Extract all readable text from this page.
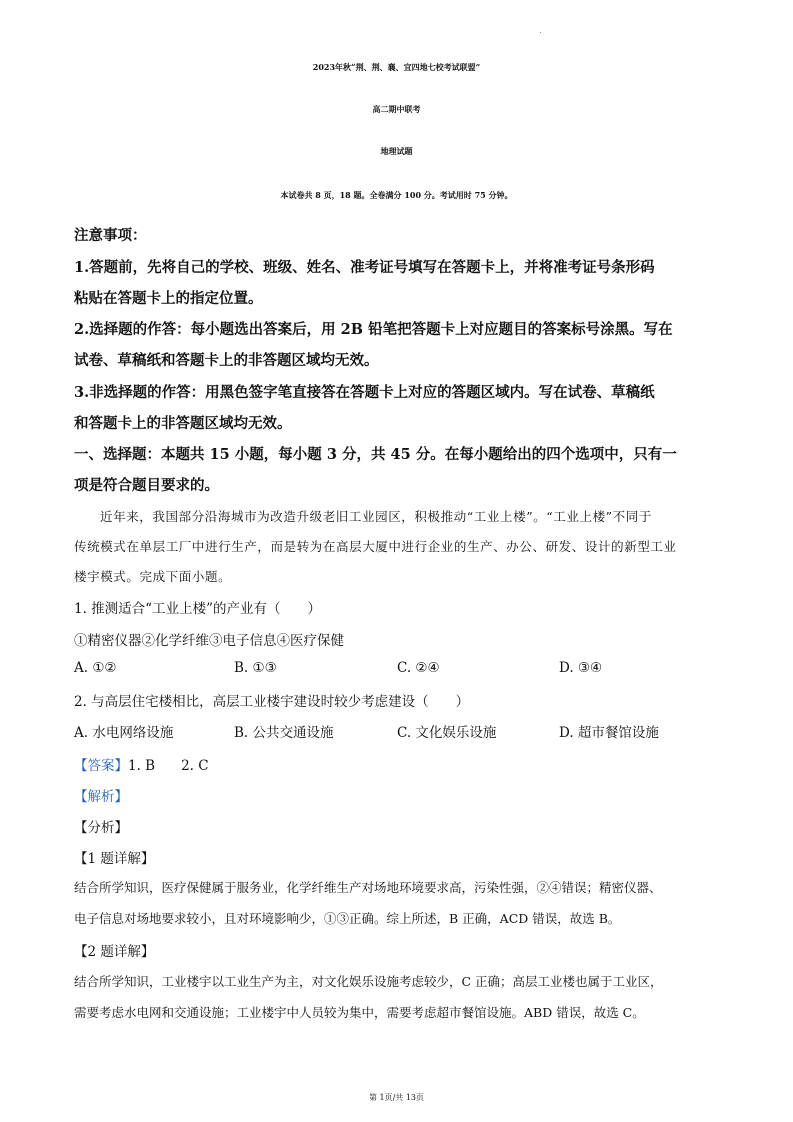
2023年秋“荆、荆、襄、宜四地七校考试联盟”
高二期中联考
地理试题
本试卷共 8 页，18 题。全卷满分 100 分。考试用时 75 分钟。
注意事项：
1.答题前，先将自己的学校、班级、姓名、准考证号填写在答题卡上，并将准考证号条形码
粘贴在答题卡上的指定位置。
2.选择题的作答：每小题选出答案后，用 2B 铅笔把答题卡上对应题目的答案标号涂黑。写在
试卷、草稿纸和答题卡上的非答题区域均无效。
3.非选择题的作答：用黑色签字笔直接答在答题卡上对应的答题区域内。写在试卷、草稿纸
和答题卡上的非答题区域均无效。
一、选择题：本题共 15 小题，每小题 3 分，共 45 分。在每小题给出的四个选项中，只有一
项是符合题目要求的。
近年来，我国部分沿海城市为改造升级老旧工业园区，积极推动“工业上楼”。“工业上楼”不同于
传统模式在单层工厂中进行生产，而是转为在高层大厦中进行企业的生产、办公、研发、设计的新型工业
楼宇模式。完成下面小题。
1. 推测适合“工业上楼”的产业有（　　）
①精密仪器②化学纤维③电子信息④医疗保健
A. ①②	B. ①③	C. ②④	D. ③④
2. 与高层住宅楼相比，高层工业楼宇建设时较少考虑建设（　　）
A. 水电网络设施	B. 公共交通设施	C. 文化娱乐设施	D. 超市餐馆设施
【答案】1. B 2. C
【解析】
【分析】
【1 题详解】
结合所学知识，医疗保健属于服务业，化学纤维生产对场地环境要求高，污染性强，②④错误；精密仪器、
电子信息对场地要求较小，且对环境影响少，①③正确。综上所述，B 正确，ACD 错误，故选 B。
【2 题详解】
结合所学知识，工业楼宇以工业生产为主，对文化娱乐设施考虑较少，C 正确；高层工业楼也属于工业区，
需要考虑水电网和交通设施；工业楼宇中人员较为集中，需要考虑超市餐馆设施。ABD 错误，故选 C。
第 1页/共 13页
